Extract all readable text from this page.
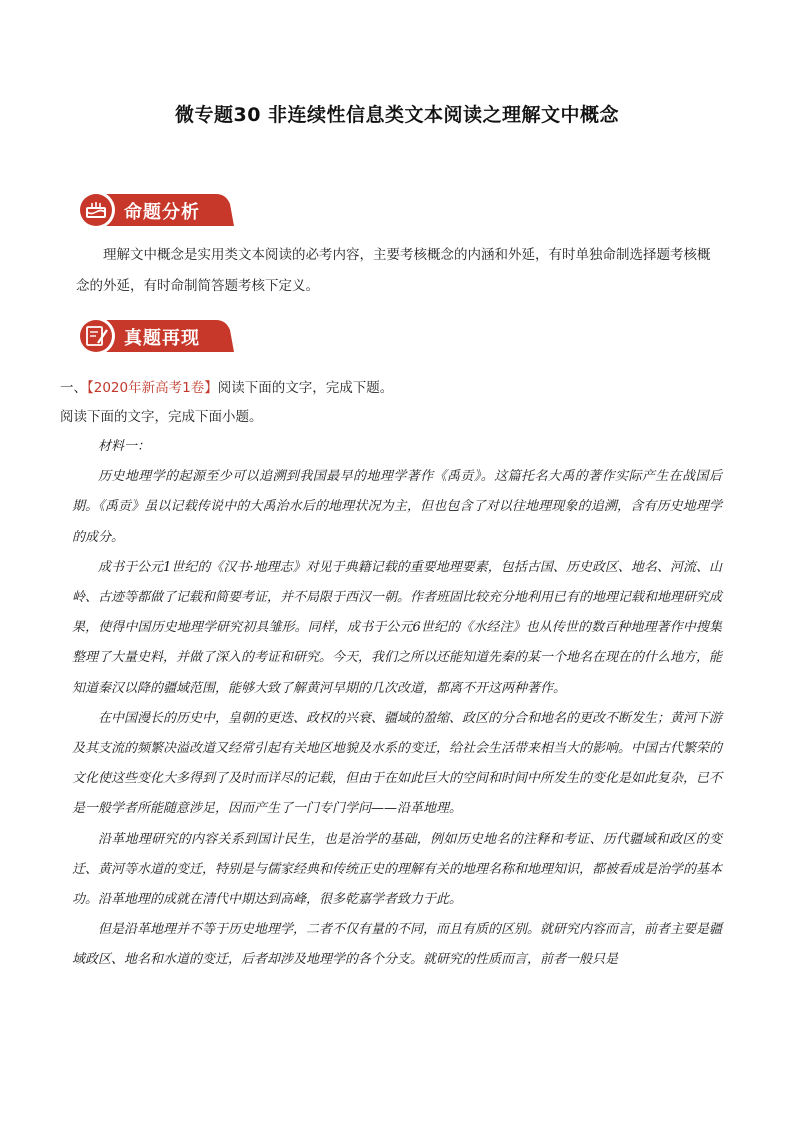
微专题30 非连续性信息类文本阅读之理解文中概念
命题分析
理解文中概念是实用类文本阅读的必考内容，主要考核概念的内涵和外延，有时单独命制选择题考核概念的外延，有时命制简答题考核下定义。
真题再现
一、【2020年新高考1卷】阅读下面的文字，完成下题。
阅读下面的文字，完成下面小题。

材料一：

历史地理学的起源至少可以追溯到我国最早的地理学著作《禹贡》。这篇托名大禹的著作实际产生在战国后期。《禹贡》虽以记载传说中的大禹治水后的地理状况为主，但也包含了对以往地理现象的追溯，含有历史地理学的成分。

成书于公元1世纪的《汉书·地理志》对见于典籍记载的重要地理要素，包括古国、历史政区、地名、河流、山岭、古迹等都做了记载和简要考证，并不局限于西汉一朝。作者班固比较充分地利用已有的地理记载和地理研究成果，使得中国历史地理学研究初具雏形。同样，成书于公元6世纪的《水经注》也从传世的数百种地理著作中搜集整理了大量史料，并做了深入的考证和研究。今天，我们之所以还能知道先秦的某一个地名在现在的什么地方，能知道秦汉以降的疆域范围，能够大致了解黄河早期的几次改道，都离不开这两种著作。

在中国漫长的历史中，皇朝的更迭、政权的兴衰、疆域的盈缩、政区的分合和地名的更改不断发生；黄河下游及其支流的频繁决溢改道又经常引起有关地区地貌及水系的变迁，给社会生活带来相当大的影响。中国古代繁荣的文化使这些变化大多得到了及时而详尽的记载，但由于在如此巨大的空间和时间中所发生的变化是如此复杂，已不是一般学者所能随意涉足，因而产生了一门专门学问——沿革地理。

沿革地理研究的内容关系到国计民生，也是治学的基础，例如历史地名的注释和考证、历代疆域和政区的变迁、黄河等水道的变迁，特别是与儒家经典和传统正史的理解有关的地理名称和地理知识，都被看成是治学的基本功。沿革地理的成就在清代中期达到高峰，很多乾嘉学者致力于此。

但是沿革地理并不等于历史地理学，二者不仅有量的不同，而且有质的区别。就研究内容而言，前者主要是疆域政区、地名和水道的变迁，后者却涉及地理学的各个分支。就研究的性质而言，前者一般只是
